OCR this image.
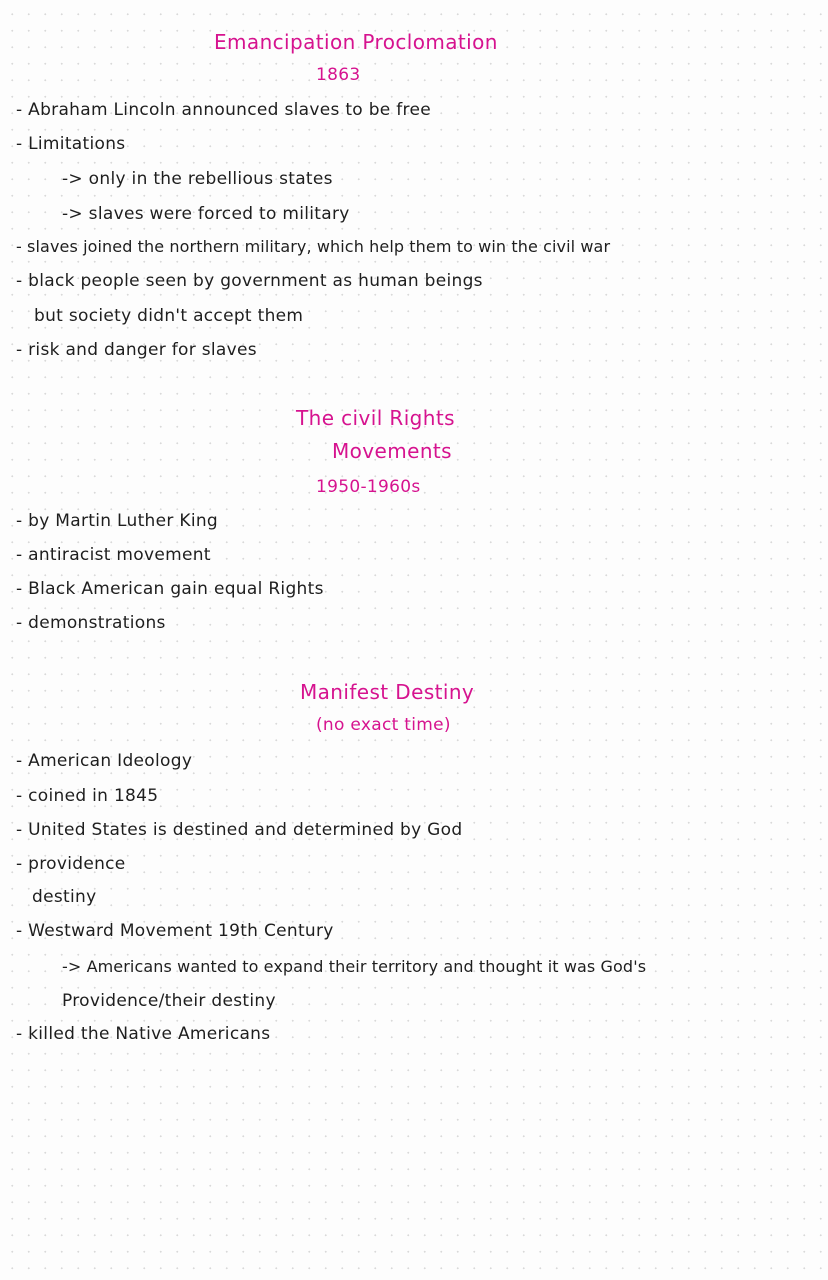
Emancipation Proclomation
1863
- Abraham Lincoln announced slaves to be free
- Limitations
-> only in the rebellious states
-> slaves were forced to military
- slaves joined the northern military, which help them to win the civil war
- black people seen by government as human beings
but society didn't accept them
- risk and danger for slaves
The civil Rights
Movements
1950-1960s
- by Martin Luther King
- antiracist movement
- Black American gain equal Rights
- demonstrations
Manifest Destiny
(no exact time)
- American Ideology
- coined in 1845
- United States is destined and determined by God
- providence
destiny
- Westward Movement 19th Century
-> Americans wanted to expand their territory and thought it was God's
Providence/their destiny
- killed the Native Americans
